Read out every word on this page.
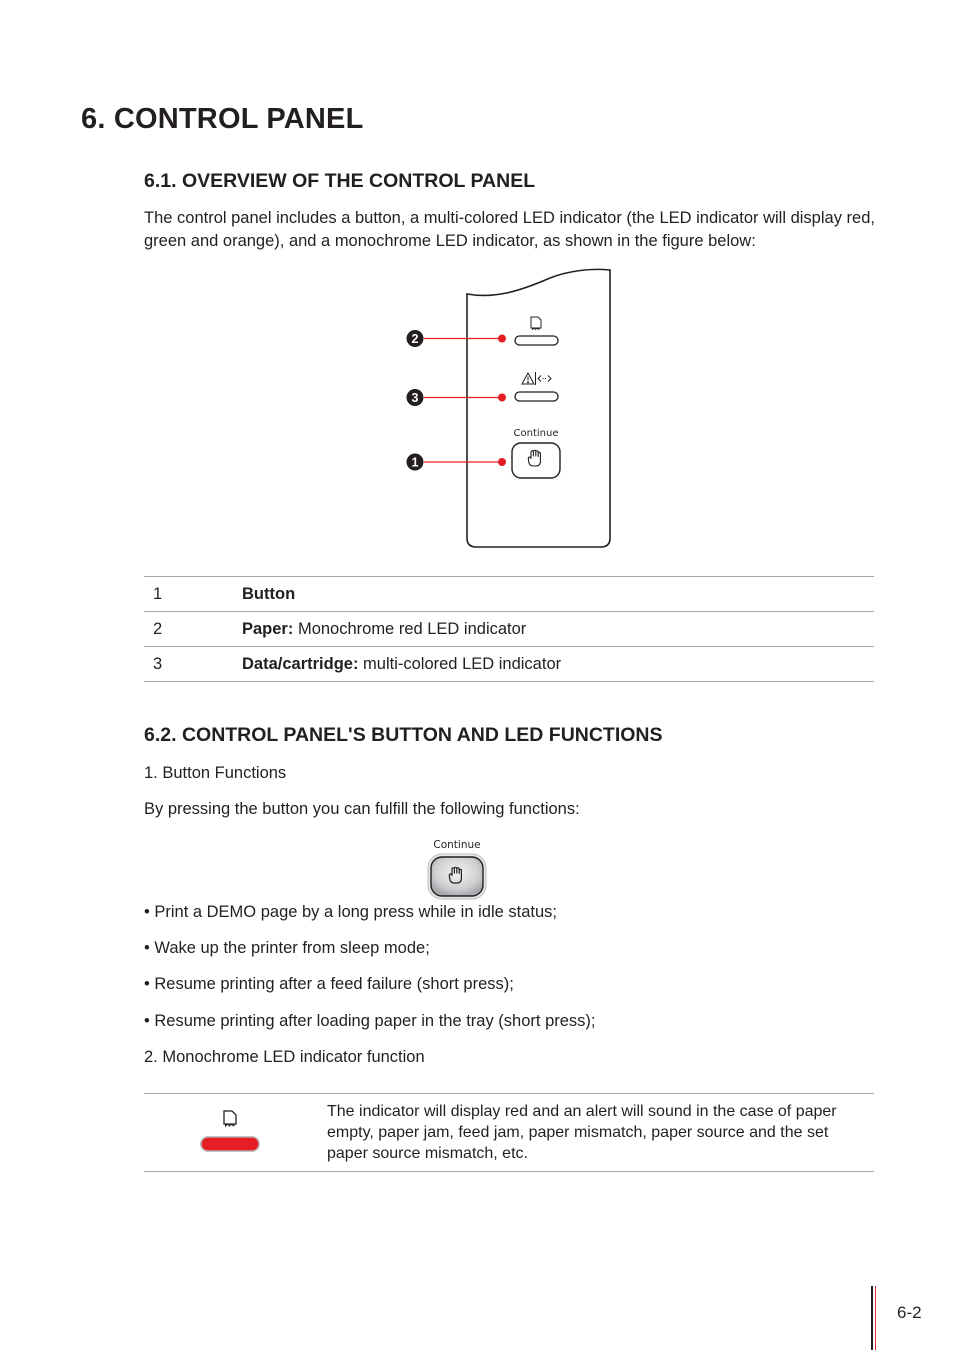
6. CONTROL PANEL
6.1. OVERVIEW OF THE CONTROL PANEL

The control panel includes a button, a multi-colored LED indicator (the LED indicator will display red, green and orange), and a monochrome LED indicator, as shown in the figure below:

Continue
2
3
1
1	Button
2	Paper: Monochrome red LED indicator
3	Data/cartridge: multi-colored LED indicator
6.2. CONTROL PANEL'S BUTTON AND LED FUNCTIONS

1. Button Functions

By pressing the button you can fulfill the following functions:

Continue

• Print a DEMO page by a long press while in idle status;

• Wake up the printer from sleep mode;

• Resume printing after a feed failure (short press);

• Resume printing after loading paper in the tray (short press);

2. Monochrome LED indicator function

The indicator will display red and an alert will sound in the case of paper empty, paper jam, feed jam, paper mismatch, paper source and the set paper source mismatch, etc.
6-2
